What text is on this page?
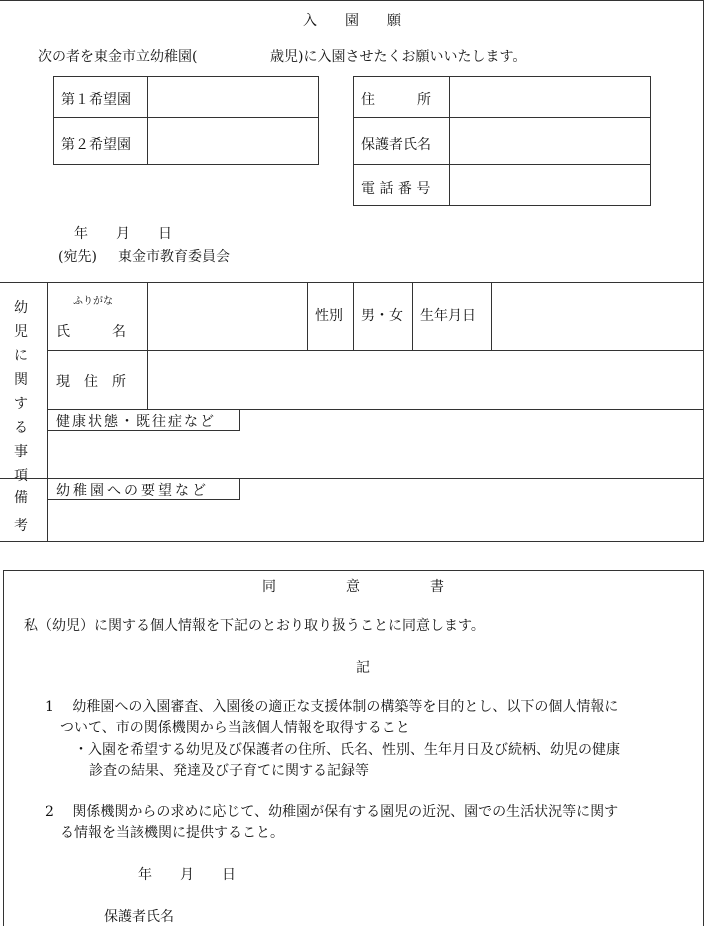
入　　園　　願
次の者を東金市立幼稚園(	歳児)に入園させたくお願いいたします。
第１希望園
第２希望園
住　　　所
保護者氏名
電 話 番 号
年　　月　　日
(宛先) 東金市教育委員会
幼児に関する事項
ふりがな
氏　　　名
性別 男・女 生年月日
現　住　所
健康状態・既往症など
備考
幼稚園への要望など
同　　　　　意　　　　　書
私（幼児）に関する個人情報を下記のとおり取り扱うことに同意します。
記
1　 幼稚園への入園審査、入園後の適正な支援体制の構築等を目的とし、以下の個人情報に
ついて、市の関係機関から当該個人情報を取得すること
・入園を希望する幼児及び保護者の住所、氏名、性別、生年月日及び続柄、幼児の健康
診査の結果、発達及び子育てに関する記録等
2　 関係機関からの求めに応じて、幼稚園が保有する園児の近況、園での生活状況等に関す
る情報を当該機関に提供すること。
年　　月　　日
保護者氏名
